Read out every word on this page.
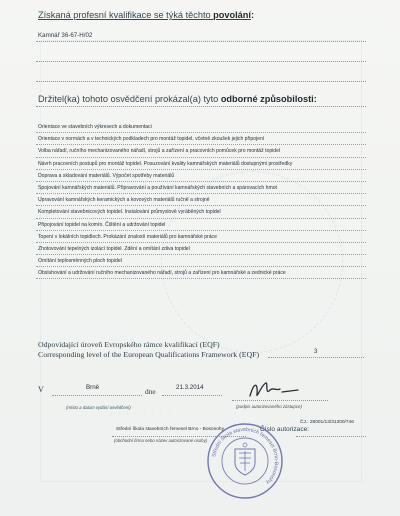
Získaná profesní kvalifikace se týká těchto povolání:
Kamnář 36-67-H/02
Držitel(ka) tohoto osvědčení prokázal(a) tyto odborné způsobilosti:
Orientace ve stavebních výkresech a dokumentaci
Orientace v normách a v technických podkladech pro montáž topidel, včetně zkoušek jejich připojení
Volba nářadí, ručního mechanizovaného nářadí, strojů a zařízení a pracovních pomůcek pro montáž topidel
Návrh pracovních postupů pro montáž topidel. Posuzování kvality kamnářských materiálů dostupnými prostředky
Doprava a skladování materiálů. Výpočet spotřeby materiálů
Spojování kamnářských materiálů. Připravování a používání kamnářských stavebních a spárovacích hmot
Upravování kamnářských keramických a kovových materiálů ručně a strojně
Kompletování stavebnicových topidel. Instalování průmyslově vyráběných topidel
Připojování topidel na komín. Čištění a udržování topidel
Topení v lokálních topidlech. Prokázání znalostí materiálů pro kamnářské práce
Zhotovování tepelných izolací topidel. Zdění a omítání zdiva topidel
Omítání teplosměnných ploch topidel
Obsluhování a udržování ručního mechanizovaného nářadí, strojů a zařízení pro kamnářské a zednické práce
Odpovídající úroveň Evropského rámce kvalifikací (EQF)
Corresponding level of the European Qualifications Framework (EQF)	3
V	Brně	dne	21.3.2014
(místo a datum vydání osvědčení)	(podpis autorizovaného zástupce)
· · · · · · · · · · · · · · · ·
Střední škola stavebních řemesel Brno - Bosonohy	Číslo autorizace:
ČJ.: 28001/13/31300/746
(obchodní firma nebo název autorizované osoby)
Střední škola stavebních řemesel Brno-Bosonohy
